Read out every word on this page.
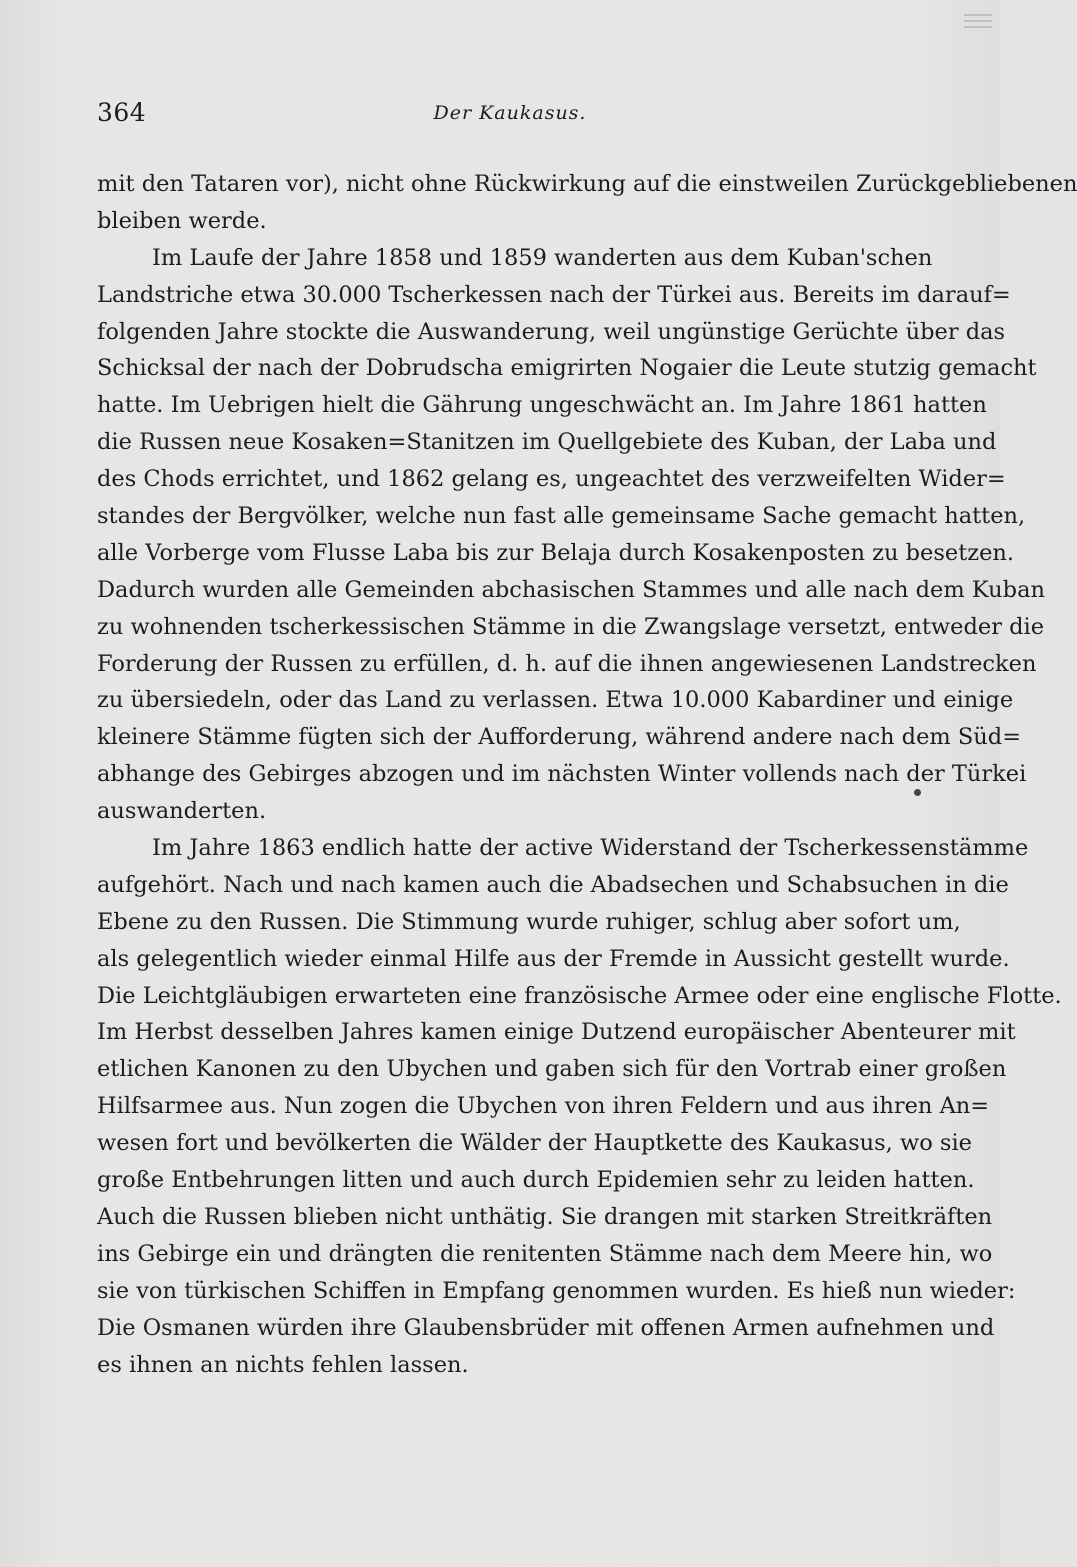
364	Der Kaukasus.
mit den Tataren vor), nicht ohne Rückwirkung auf die einstweilen Zurückgebliebenen
bleiben werde.
Im Laufe der Jahre 1858 und 1859 wanderten aus dem Kuban'schen
Landstriche etwa 30.000 Tscherkessen nach der Türkei aus. Bereits im darauf=
folgenden Jahre stockte die Auswanderung, weil ungünstige Gerüchte über das
Schicksal der nach der Dobrudscha emigrirten Nogaier die Leute stutzig gemacht
hatte. Im Uebrigen hielt die Gährung ungeschwächt an. Im Jahre 1861 hatten
die Russen neue Kosaken=Stanitzen im Quellgebiete des Kuban, der Laba und
des Chods errichtet, und 1862 gelang es, ungeachtet des verzweifelten Wider=
standes der Bergvölker, welche nun fast alle gemeinsame Sache gemacht hatten,
alle Vorberge vom Flusse Laba bis zur Belaja durch Kosakenposten zu besetzen.
Dadurch wurden alle Gemeinden abchasischen Stammes und alle nach dem Kuban
zu wohnenden tscherkessischen Stämme in die Zwangslage versetzt, entweder die
Forderung der Russen zu erfüllen, d. h. auf die ihnen angewiesenen Landstrecken
zu übersiedeln, oder das Land zu verlassen. Etwa 10.000 Kabardiner und einige
kleinere Stämme fügten sich der Aufforderung, während andere nach dem Süd=
abhange des Gebirges abzogen und im nächsten Winter vollends nach der Türkei
auswanderten.
Im Jahre 1863 endlich hatte der active Widerstand der Tscherkessenstämme
aufgehört. Nach und nach kamen auch die Abadsechen und Schabsuchen in die
Ebene zu den Russen. Die Stimmung wurde ruhiger, schlug aber sofort um,
als gelegentlich wieder einmal Hilfe aus der Fremde in Aussicht gestellt wurde.
Die Leichtgläubigen erwarteten eine französische Armee oder eine englische Flotte.
Im Herbst desselben Jahres kamen einige Dutzend europäischer Abenteurer mit
etlichen Kanonen zu den Ubychen und gaben sich für den Vortrab einer großen
Hilfsarmee aus. Nun zogen die Ubychen von ihren Feldern und aus ihren An=
wesen fort und bevölkerten die Wälder der Hauptkette des Kaukasus, wo sie
große Entbehrungen litten und auch durch Epidemien sehr zu leiden hatten.
Auch die Russen blieben nicht unthätig. Sie drangen mit starken Streitkräften
ins Gebirge ein und drängten die renitenten Stämme nach dem Meere hin, wo
sie von türkischen Schiffen in Empfang genommen wurden. Es hieß nun wieder:
Die Osmanen würden ihre Glaubensbrüder mit offenen Armen aufnehmen und
es ihnen an nichts fehlen lassen.
